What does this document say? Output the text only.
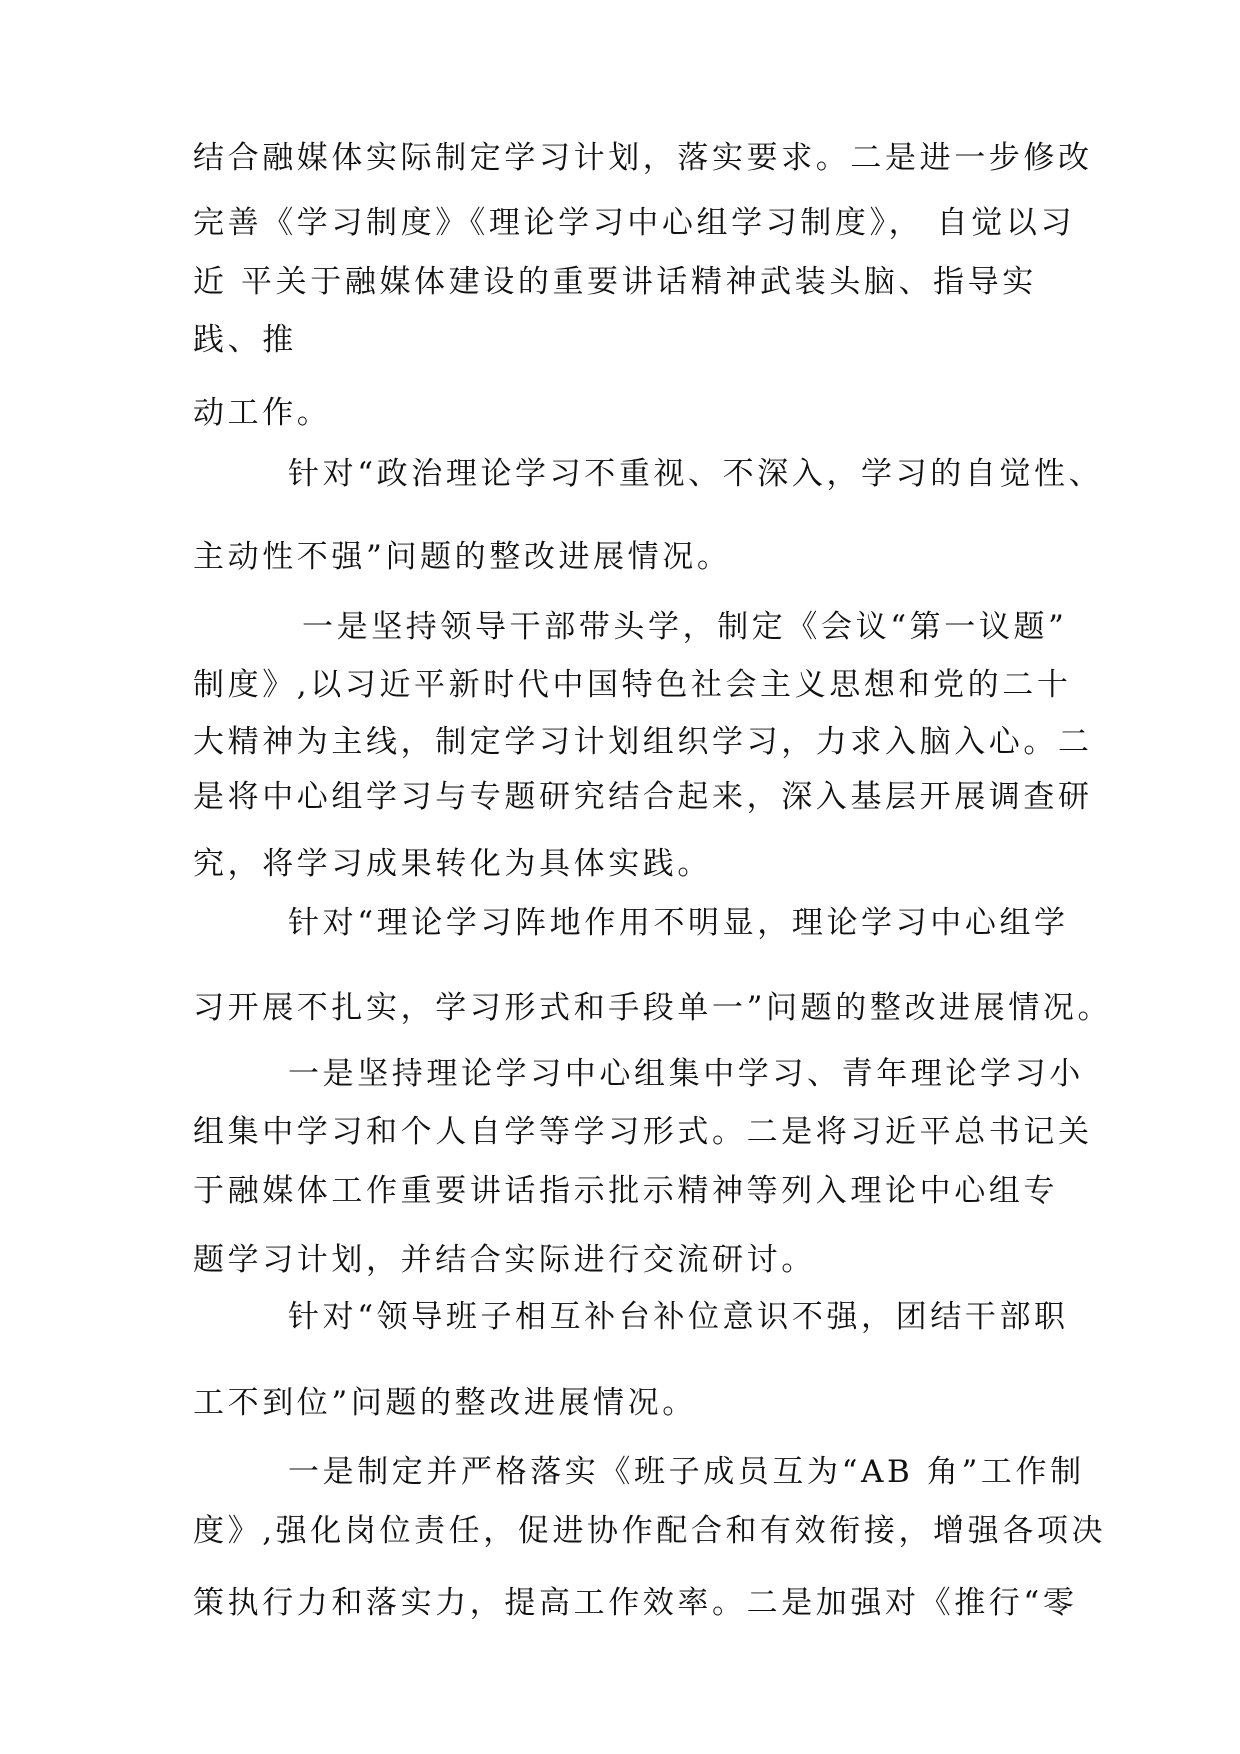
结合融媒体实际制定学习计划，落实要求。二是进一步修改
完善《学习制度》《理论学习中心组学习制度》， 自觉以习
近 平关于融媒体建设的重要讲话精神武装头脑、指导实
践、推
动工作。
针对“政治理论学习不重视、不深入，学习的自觉性、
主动性不强”问题的整改进展情况。
一是坚持领导干部带头学，制定《会议“第一议题”
制度》,以习近平新时代中国特色社会主义思想和党的二十
大精神为主线，制定学习计划组织学习，力求入脑入心。二
是将中心组学习与专题研究结合起来，深入基层开展调查研
究，将学习成果转化为具体实践。
针对“理论学习阵地作用不明显，理论学习中心组学
习开展不扎实，学习形式和手段单一”问题的整改进展情况。
一是坚持理论学习中心组集中学习、青年理论学习小
组集中学习和个人自学等学习形式。二是将习近平总书记关
于融媒体工作重要讲话指示批示精神等列入理论中心组专
题学习计划，并结合实际进行交流研讨。
针对“领导班子相互补台补位意识不强，团结干部职
工不到位”问题的整改进展情况。
一是制定并严格落实《班子成员互为“AB 角”工作制
度》,强化岗位责任，促进协作配合和有效衔接，增强各项决
策执行力和落实力，提高工作效率。二是加强对《推行“零
